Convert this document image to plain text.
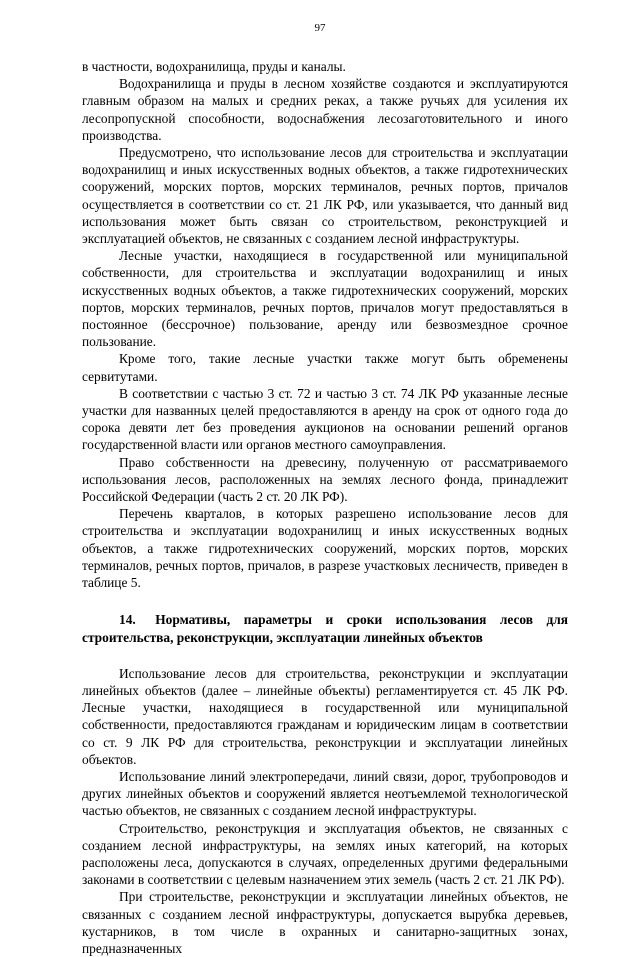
97

в частности, водохранилища, пруды и каналы.

Водохранилища и пруды в лесном хозяйстве создаются и эксплуатируются главным образом на малых и средних реках, а также ручьях для усиления их лесопропускной способности, водоснабжения лесозаготовительного и иного производства.

Предусмотрено, что использование лесов для строительства и эксплуатации водохранилищ и иных искусственных водных объектов, а также гидротехнических сооружений, морских портов, морских терминалов, речных портов, причалов осуществляется в соответствии со ст. 21 ЛК РФ, или указывается, что данный вид использования может быть связан со строительством, реконструкцией и эксплуатацией объектов, не связанных с созданием лесной инфраструктуры.

Лесные участки, находящиеся в государственной или муниципальной собственности, для строительства и эксплуатации водохранилищ и иных искусственных водных объектов, а также гидротехнических сооружений, морских портов, морских терминалов, речных портов, причалов могут предоставляться в постоянное (бессрочное) пользование, аренду или безвозмездное срочное пользование.

Кроме того, такие лесные участки также могут быть обременены сервитутами.

В соответствии с частью 3 ст. 72 и частью 3 ст. 74 ЛК РФ указанные лесные участки для названных целей предоставляются в аренду на срок от одного года до сорока девяти лет без проведения аукционов на основании решений органов государственной власти или органов местного самоуправления.

Право собственности на древесину, полученную от рассматриваемого использования лесов, расположенных на землях лесного фонда, принадлежит Российской Федерации (часть 2 ст. 20 ЛК РФ).

Перечень кварталов, в которых разрешено использование лесов для строительства и эксплуатации водохранилищ и иных искусственных водных объектов, а также гидротехнических сооружений, морских портов, морских терминалов, речных портов, причалов, в разрезе участковых лесничеств, приведен в таблице 5.

14. Нормативы, параметры и сроки использования лесов для строительства, реконструкции, эксплуатации линейных объектов

Использование лесов для строительства, реконструкции и эксплуатации линейных объектов (далее – линейные объекты) регламентируется ст. 45 ЛК РФ. Лесные участки, находящиеся в государственной или муниципальной собственности, предоставляются гражданам и юридическим лицам в соответствии со ст. 9 ЛК РФ для строительства, реконструкции и эксплуатации линейных объектов.

Использование линий электропередачи, линий связи, дорог, трубопроводов и других линейных объектов и сооружений является неотъемлемой технологической частью объектов, не связанных с созданием лесной инфраструктуры.

Строительство, реконструкция и эксплуатация объектов, не связанных с созданием лесной инфраструктуры, на землях иных категорий, на которых расположены леса, допускаются в случаях, определенных другими федеральными законами в соответствии с целевым назначением этих земель (часть 2 ст. 21 ЛК РФ).

При строительстве, реконструкции и эксплуатации линейных объектов, не связанных с созданием лесной инфраструктуры, допускается вырубка деревьев, кустарников, в том числе в охранных и санитарно-защитных зонах, предназначенных
